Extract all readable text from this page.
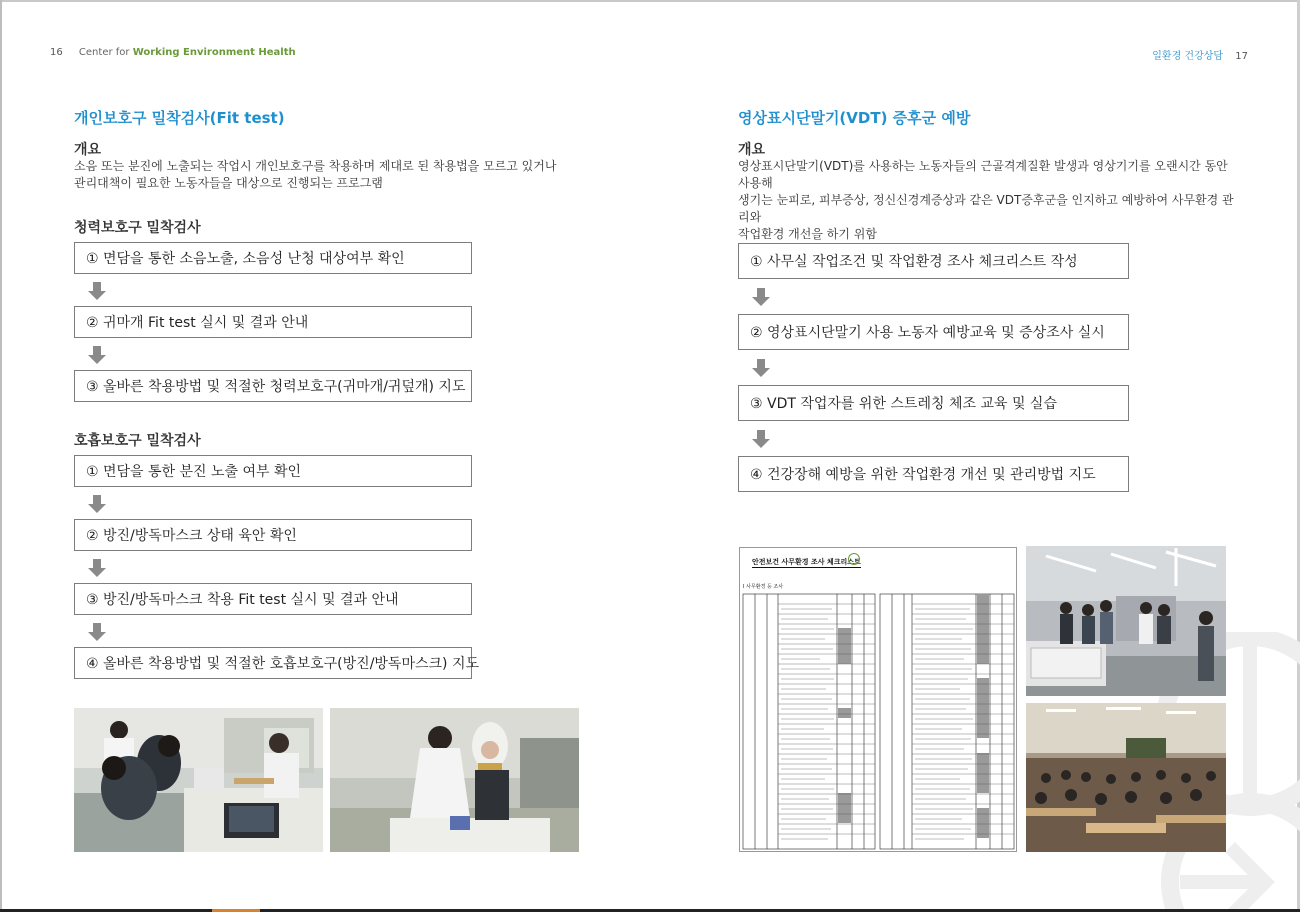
16 Center for Working Environment Health	일환경 건강상담 17
개인보호구 밀착검사(Fit test)
개요
소음 또는 분진에 노출되는 작업시 개인보호구를 착용하며 제대로 된 착용법을 모르고 있거나
관리대책이 필요한 노동자들을 대상으로 진행되는 프로그램
청력보호구 밀착검사
① 면담을 통한 소음노출, 소음성 난청 대상여부 확인
② 귀마개 Fit test 실시 및 결과 안내
③ 올바른 착용방법 및 적절한 청력보호구(귀마개/귀덮개) 지도
호흡보호구 밀착검사
① 면담을 통한 분진 노출 여부 확인
② 방진/방독마스크 상태 육안 확인
③ 방진/방독마스크 착용 Fit test 실시 및 결과 안내
④ 올바른 착용방법 및 적절한 호흡보호구(방진/방독마스크) 지도
영상표시단말기(VDT) 증후군 예방
개요
영상표시단말기(VDT)를 사용하는 노동자들의 근골격계질환 발생과 영상기기를 오랜시간 동안 사용해
생기는 눈피로, 피부증상, 정신신경계증상과 같은 VDT증후군을 인지하고 예방하여 사무환경 관리와
작업환경 개선을 하기 위함
① 사무실 작업조건 및 작업환경 조사 체크리스트 작성
② 영상표시단말기 사용 노동자 예방교육 및 증상조사 실시
③ VDT 작업자를 위한 스트레칭 체조 교육 및 실습
④ 건강장해 예방을 위한 작업환경 개선 및 관리방법 지도
안전보건 사무환경 조사 체크리스트
Ⅰ 사무환경 등 조사
